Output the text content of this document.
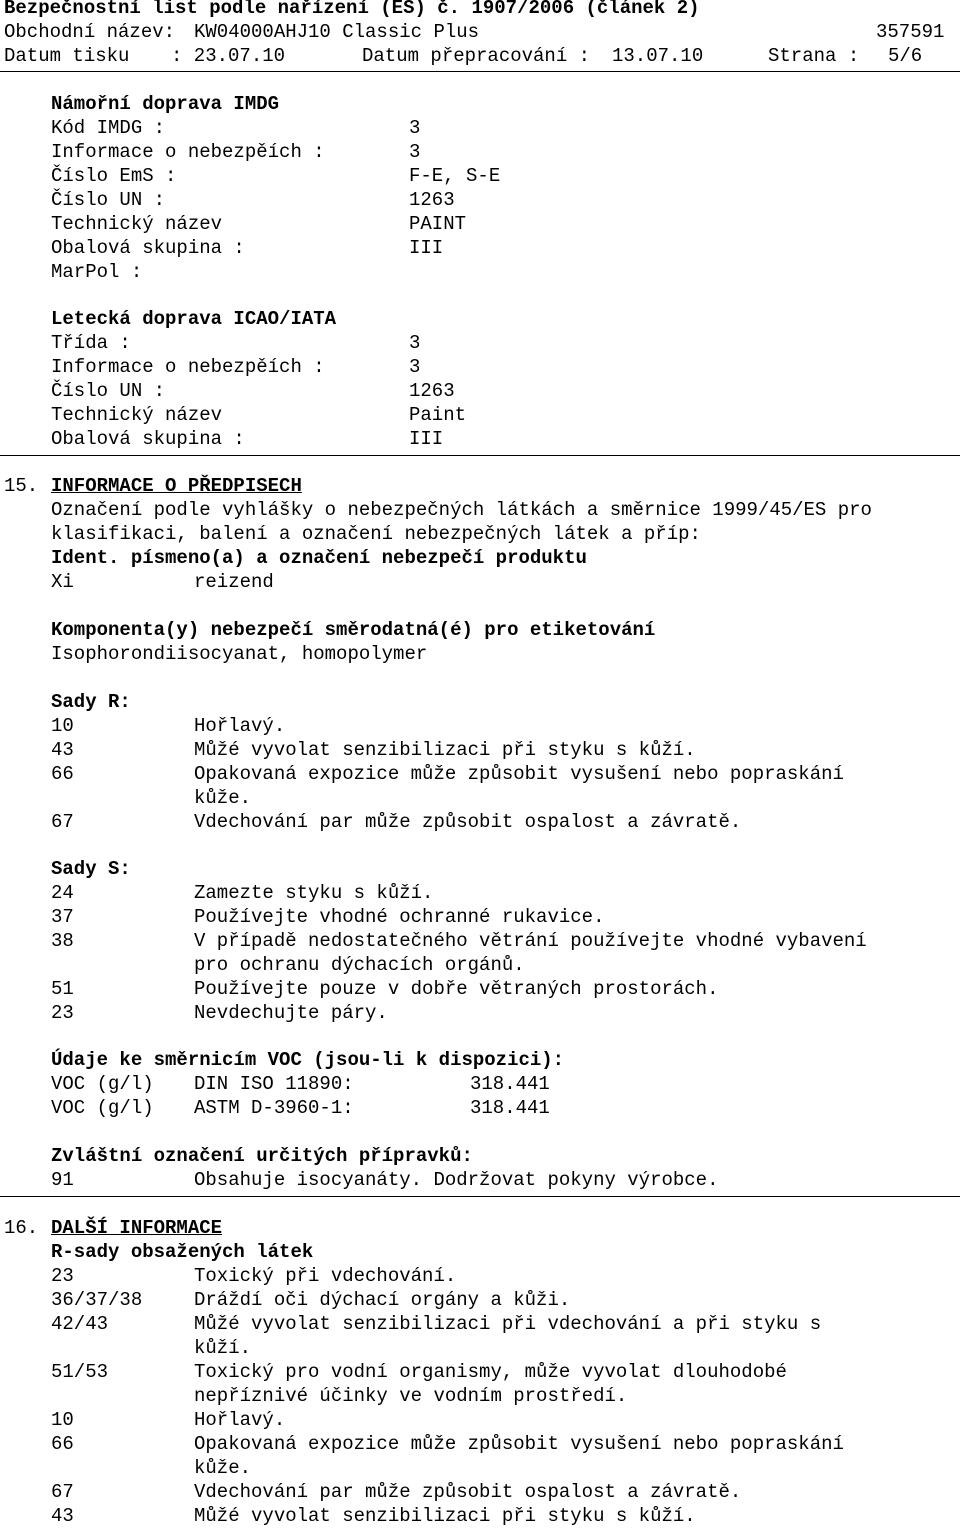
Bezpečnostní list podle nařízení (ES) č. 1907/2006 (článek 2)
Obchodní název: KW04000AHJ10 Classic Plus	357591
Datum tisku : 23.07.10	Datum přepracování : 13.07.10	Strana : 5/6
Námořní doprava IMDG
Kód IMDG :	3
Informace o nebezpěích :	3
Číslo EmS :	F-E, S-E
Číslo UN :	1263
Technický název	PAINT
Obalová skupina :	III
MarPol :
Letecká doprava ICAO/IATA
Třída :	3
Informace o nebezpěích :	3
Číslo UN :	1263
Technický název	Paint
Obalová skupina :	III
15. INFORMACE O PŘEDPISECH
Označení podle vyhlášky o nebezpečných látkách a směrnice 1999/45/ES pro
klasifikaci, balení a označení nebezpečných látek a příp:
Ident. písmeno(a) a označení nebezpečí produktu
Xi	reizend
Komponenta(y) nebezpečí směrodatná(é) pro etiketování
Isophorondiisocyanat, homopolymer
Sady R:
10	Hořlavý.
43	Můžé vyvolat senzibilizaci při styku s kůží.
66	Opakovaná expozice může způsobit vysušení nebo popraskání
kůže.
67	Vdechování par může způsobit ospalost a závratě.
Sady S:
24	Zamezte styku s kůží.
37	Používejte vhodné ochranné rukavice.
38	V případě nedostatečného větrání používejte vhodné vybavení
pro ochranu dýchacích orgánů.
51	Používejte pouze v dobře větraných prostorách.
23	Nevdechujte páry.
Údaje ke směrnicím VOC (jsou-li k dispozici):
VOC (g/l) DIN ISO 11890:	318.441
VOC (g/l) ASTM D-3960-1:	318.441
Zvláštní označení určitých přípravků:
91	Obsahuje isocyanáty. Dodržovat pokyny výrobce.
16. DALŠÍ INFORMACE
R-sady obsažených látek
23	Toxický při vdechování.
36/37/38	Dráždí oči dýchací orgány a kůži.
42/43	Můžé vyvolat senzibilizaci při vdechování a při styku s
kůží.
51/53	Toxický pro vodní organismy, může vyvolat dlouhodobé
nepříznivé účinky ve vodním prostředí.
10	Hořlavý.
66	Opakovaná expozice může způsobit vysušení nebo popraskání
kůže.
67	Vdechování par může způsobit ospalost a závratě.
43	Můžé vyvolat senzibilizaci při styku s kůží.
